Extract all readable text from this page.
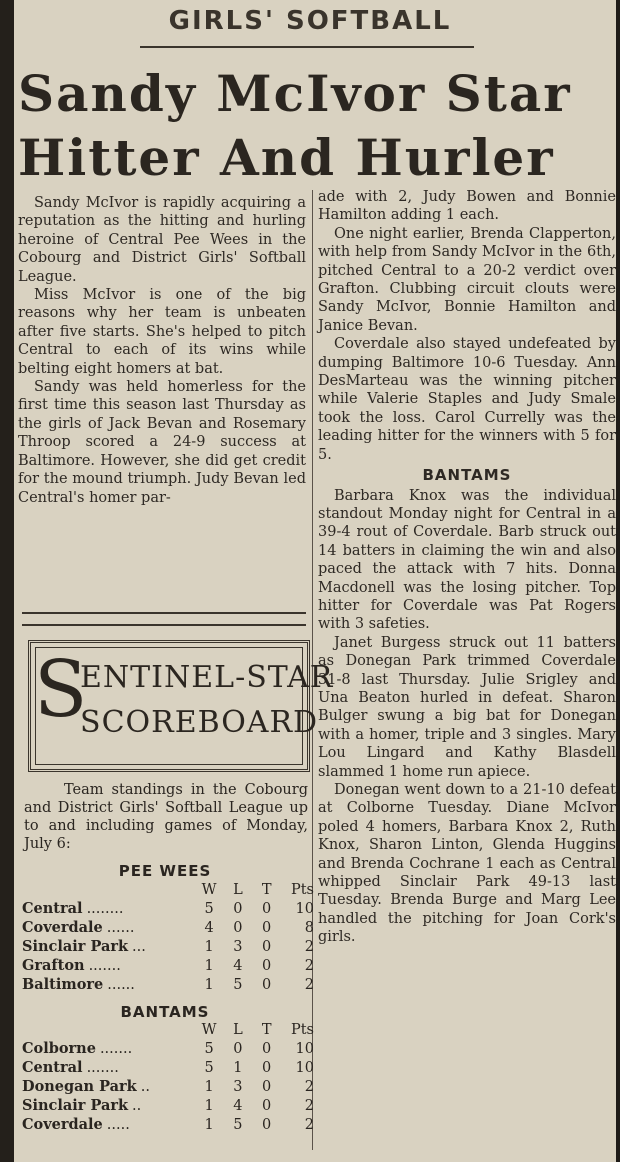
GIRLS' SOFTBALL
Sandy McIvor Star
Hitter And Hurler

Sandy McIvor is rapidly acquiring a reputation as the hitting and hurling heroine of Central Pee Wees in the Cobourg and District Girls' Softball League.

Miss McIvor is one of the big reasons why her team is unbeaten after five starts. She's helped to pitch Central to each of its wins while belting eight homers at bat.

Sandy was held homerless for the first time this season last Thursday as the girls of Jack Bevan and Rosemary Throop scored a 24-9 success at Baltimore. However, she did get credit for the mound triumph. Judy Bevan led Central's homer par-

ade with 2, Judy Bowen and Bonnie Hamilton adding 1 each.

One night earlier, Brenda Clapperton, with help from Sandy McIvor in the 6th, pitched Central to a 20-2 verdict over Grafton. Clubbing circuit clouts were Sandy McIvor, Bonnie Hamilton and Janice Bevan.

Coverdale also stayed undefeated by dumping Baltimore 10-6 Tuesday. Ann DesMarteau was the winning pitcher while Valerie Staples and Judy Smale took the loss. Carol Currelly was the leading hitter for the winners with 5 for 5.

BANTAMS

Barbara Knox was the individual standout Monday night for Central in a 39-4 rout of Coverdale. Barb struck out 14 batters in claiming the win and also paced the attack with 7 hits. Donna Macdonell was the losing pitcher. Top hitter for Coverdale was Pat Rogers with 3 safeties.

Janet Burgess struck out 11 batters as Donegan Park trimmed Coverdale 31-8 last Thursday. Julie Srigley and Una Beaton hurled in defeat. Sharon Bulger swung a big bat for Donegan with a homer, triple and 3 singles. Mary Lou Lingard and Kathy Blasdell slammed 1 home run apiece.

Donegan went down to a 21-10 defeat at Colborne Tuesday. Diane McIvor poled 4 homers, Barbara Knox 2, Ruth Knox, Sharon Linton, Glenda Huggins and Brenda Cochrane 1 each as Central whipped Sinclair Park 49-13 last Tuesday. Brenda Burge and Marg Lee handled the pitching for Joan Cork's girls.

S
ENTINEL-STAR
SCOREBOARD

Team standings in the Cobourg and District Girls' Softball League up to and including games of Monday, July 6:

PEE WEES
	W	L	T	Pts
Central ........	5	0	0	10
Coverdale ......	4	0	0	8
Sinclair Park ...	1	3	0	2
Grafton .......	1	4	0	2
Baltimore ......	1	5	0	2
BANTAMS
	W	L	T	Pts
Colborne .......	5	0	0	10
Central .......	5	1	0	10
Donegan Park ..	1	3	0	2
Sinclair Park ..	1	4	0	2
Coverdale .....	1	5	0	2
